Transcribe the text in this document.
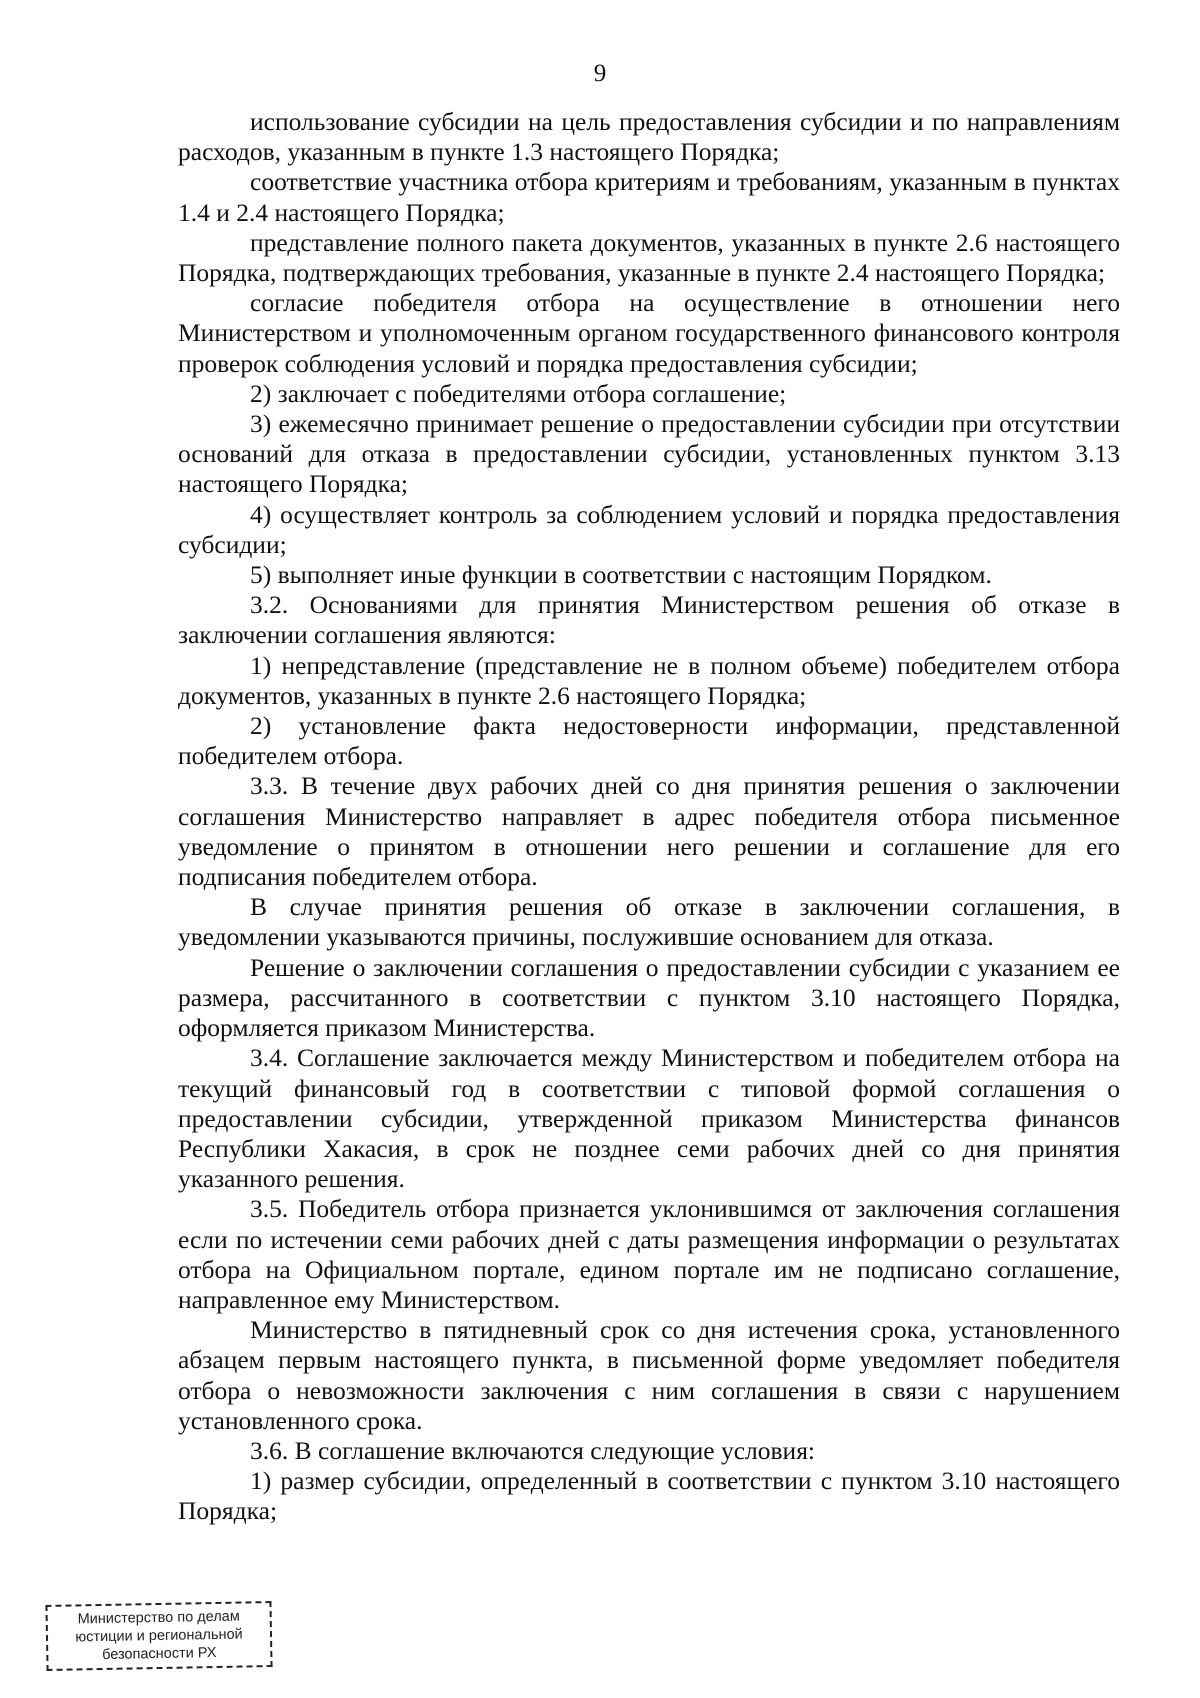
9

использование субсидии на цель предоставления субсидии и по направлениям расходов, указанным в пункте 1.3 настоящего Порядка;

соответствие участника отбора критериям и требованиям, указанным в пунктах 1.4 и 2.4 настоящего Порядка;

представление полного пакета документов, указанных в пункте 2.6 настоящего Порядка, подтверждающих требования, указанные в пункте 2.4 настоящего Порядка;

согласие победителя отбора на осуществление в отношении него Министерством и уполномоченным органом государственного финансового контроля проверок соблюдения условий и порядка предоставления субсидии;

2) заключает с победителями отбора соглашение;

3) ежемесячно принимает решение о предоставлении субсидии при отсутствии оснований для отказа в предоставлении субсидии, установленных пунктом 3.13 настоящего Порядка;

4) осуществляет контроль за соблюдением условий и порядка предоставления субсидии;

5) выполняет иные функции в соответствии с настоящим Порядком.

3.2. Основаниями для принятия Министерством решения об отказе в заключении соглашения являются:

1) непредставление (представление не в полном объеме) победителем отбора документов, указанных в пункте 2.6 настоящего Порядка;

2) установление факта недостоверности информации, представленной победителем отбора.

3.3. В течение двух рабочих дней со дня принятия решения о заключении соглашения Министерство направляет в адрес победителя отбора письменное уведомление о принятом в отношении него решении и соглашение для его подписания победителем отбора.

В случае принятия решения об отказе в заключении соглашения, в уведомлении указываются причины, послужившие основанием для отказа.

Решение о заключении соглашения о предоставлении субсидии с указанием ее размера, рассчитанного в соответствии с пунктом 3.10 настоящего Порядка, оформляется приказом Министерства.

3.4. Соглашение заключается между Министерством и победителем отбора на текущий финансовый год в соответствии с типовой формой соглашения о предоставлении субсидии, утвержденной приказом Министерства финансов Республики Хакасия, в срок не позднее семи рабочих дней со дня принятия указанного решения.

3.5. Победитель отбора признается уклонившимся от заключения соглашения если по истечении семи рабочих дней с даты размещения информации о результатах отбора на Официальном портале, едином портале им не подписано соглашение, направленное ему Министерством.

Министерство в пятидневный срок со дня истечения срока, установленного абзацем первым настоящего пункта, в письменной форме уведомляет победителя отбора о невозможности заключения с ним соглашения в связи с нарушением установленного срока.

3.6. В соглашение включаются следующие условия:

1) размер субсидии, определенный в соответствии с пунктом 3.10 настоящего Порядка;

Министерство по делам
юстиции и региональной
безопасности РХ
